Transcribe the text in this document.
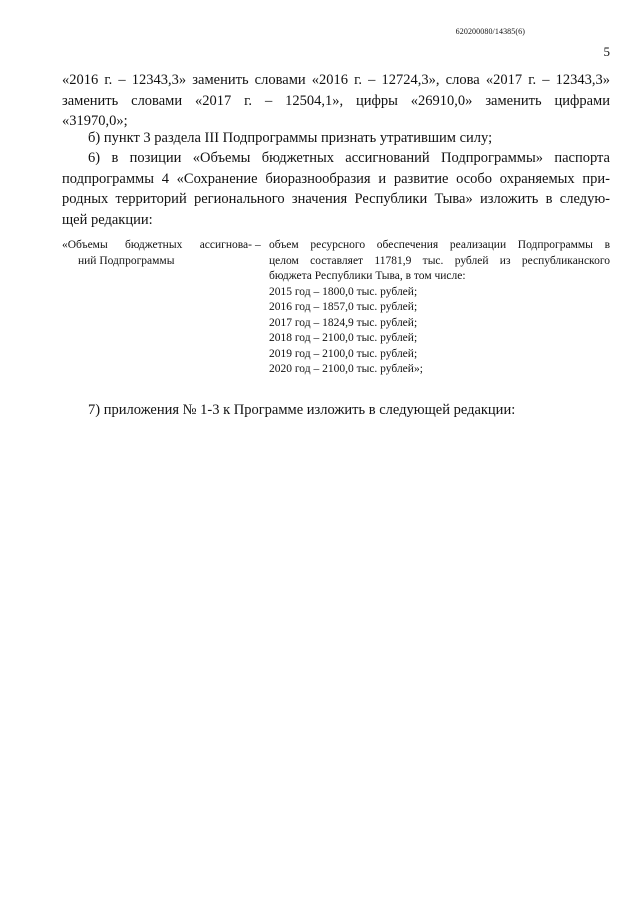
620200080/14385(6)
5
«2016 г. – 12343,3» заменить словами «2016 г. – 12724,3», слова «2017 г. – 12343,3»
заменить словами «2017 г. – 12504,1», цифры «26910,0» заменить цифрами
«31970,0»;
б) пункт 3 раздела III Подпрограммы признать утратившим силу;
6) в позиции «Объемы бюджетных ассигнований Подпрограммы» паспорта
подпрограммы 4 «Сохранение биоразнообразия и развитие особо охраняемых при-
родных территорий регионального значения Республики Тыва» изложить в следую-
щей редакции:
«Объемы бюджетных ассигнова-
ний Подпрограммы
– объем ресурсного обеспечения реализации Подпрограммы в
целом составляет 11781,9 тыс. рублей из республиканского
бюджета Республики Тыва, в том числе:
2015 год – 1800,0 тыс. рублей;
2016 год – 1857,0 тыс. рублей;
2017 год – 1824,9 тыс. рублей;
2018 год – 2100,0 тыс. рублей;
2019 год – 2100,0 тыс. рублей;
2020 год – 2100,0 тыс. рублей»;
7) приложения № 1-3 к Программе изложить в следующей редакции:
